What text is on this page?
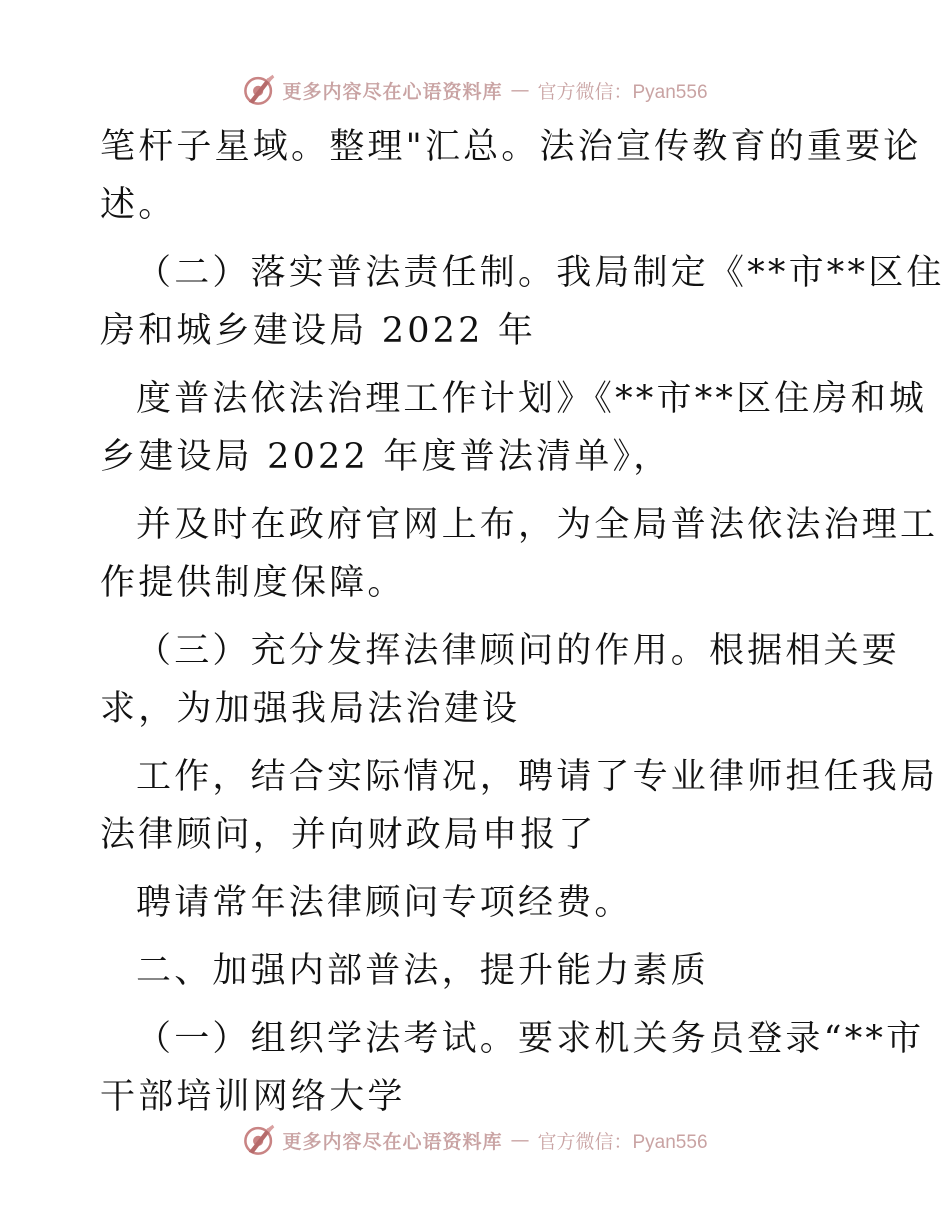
更多内容尽在心语资料库 — 官方微信：Pyan556
笔杆子星域。整理"汇总。法治宣传教育的重要论
述。
（二）落实普法责任制。我局制定《**市**区住
房和城乡建设局 2022 年
度普法依法治理工作计划》《**市**区住房和城
乡建设局 2022 年度普法清单》，
并及时在政府官网上布，为全局普法依法治理工
作提供制度保障。
（三）充分发挥法律顾问的作用。根据相关要
求，为加强我局法治建设
工作，结合实际情况，聘请了专业律师担任我局
法律顾问，并向财政局申报了
聘请常年法律顾问专项经费。
二、加强内部普法，提升能力素质
（一）组织学法考试。要求机关务员登录“**市
干部培训网络大学
更多内容尽在心语资料库 — 官方微信：Pyan556
